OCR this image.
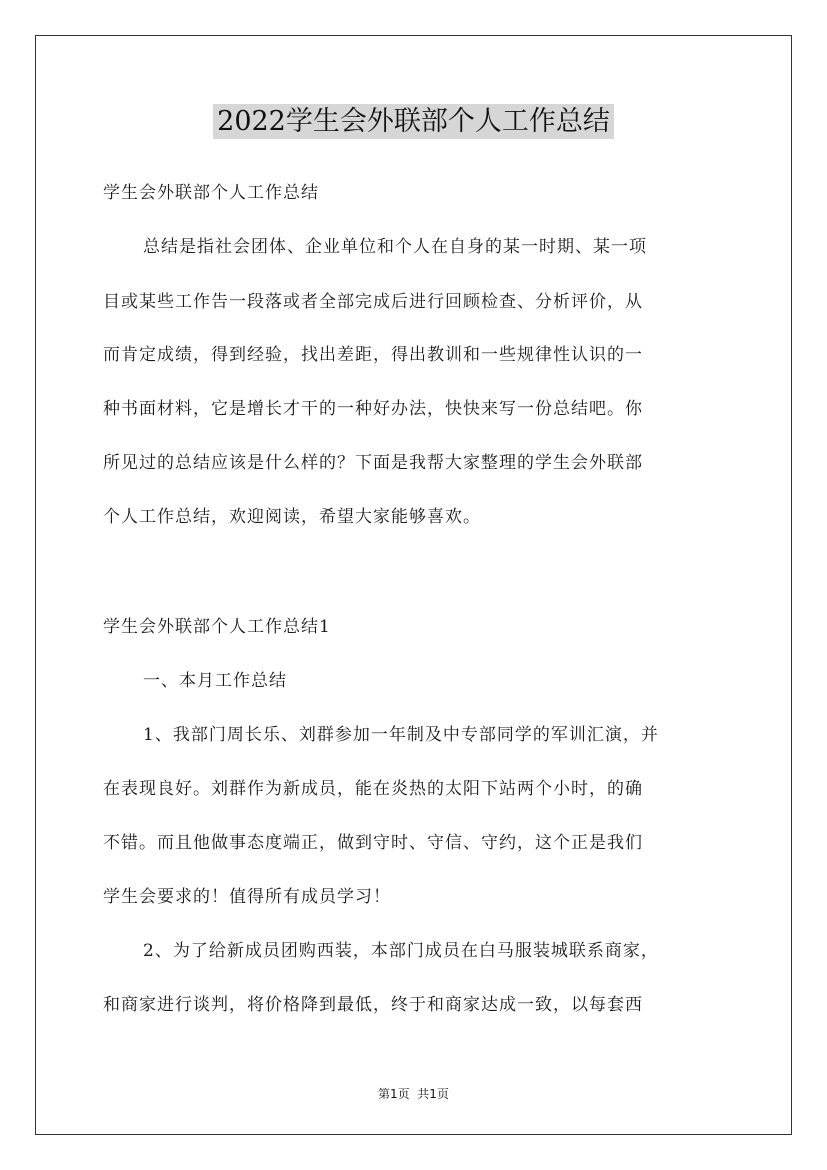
2022学生会外联部个人工作总结
学生会外联部个人工作总结
总结是指社会团体、企业单位和个人在自身的某一时期、某一项
目或某些工作告一段落或者全部完成后进行回顾检查、分析评价，从
而肯定成绩，得到经验，找出差距，得出教训和一些规律性认识的一
种书面材料，它是增长才干的一种好办法，快快来写一份总结吧。你
所见过的总结应该是什么样的？下面是我帮大家整理的学生会外联部
个人工作总结，欢迎阅读，希望大家能够喜欢。
学生会外联部个人工作总结1
一、本月工作总结
1、我部门周长乐、刘群参加一年制及中专部同学的军训汇演，并
在表现良好。刘群作为新成员，能在炎热的太阳下站两个小时，的确
不错。而且他做事态度端正，做到守时、守信、守约，这个正是我们
学生会要求的！值得所有成员学习！
2、为了给新成员团购西装，本部门成员在白马服装城联系商家，
和商家进行谈判，将价格降到最低，终于和商家达成一致，以每套西
第1页  共1页
